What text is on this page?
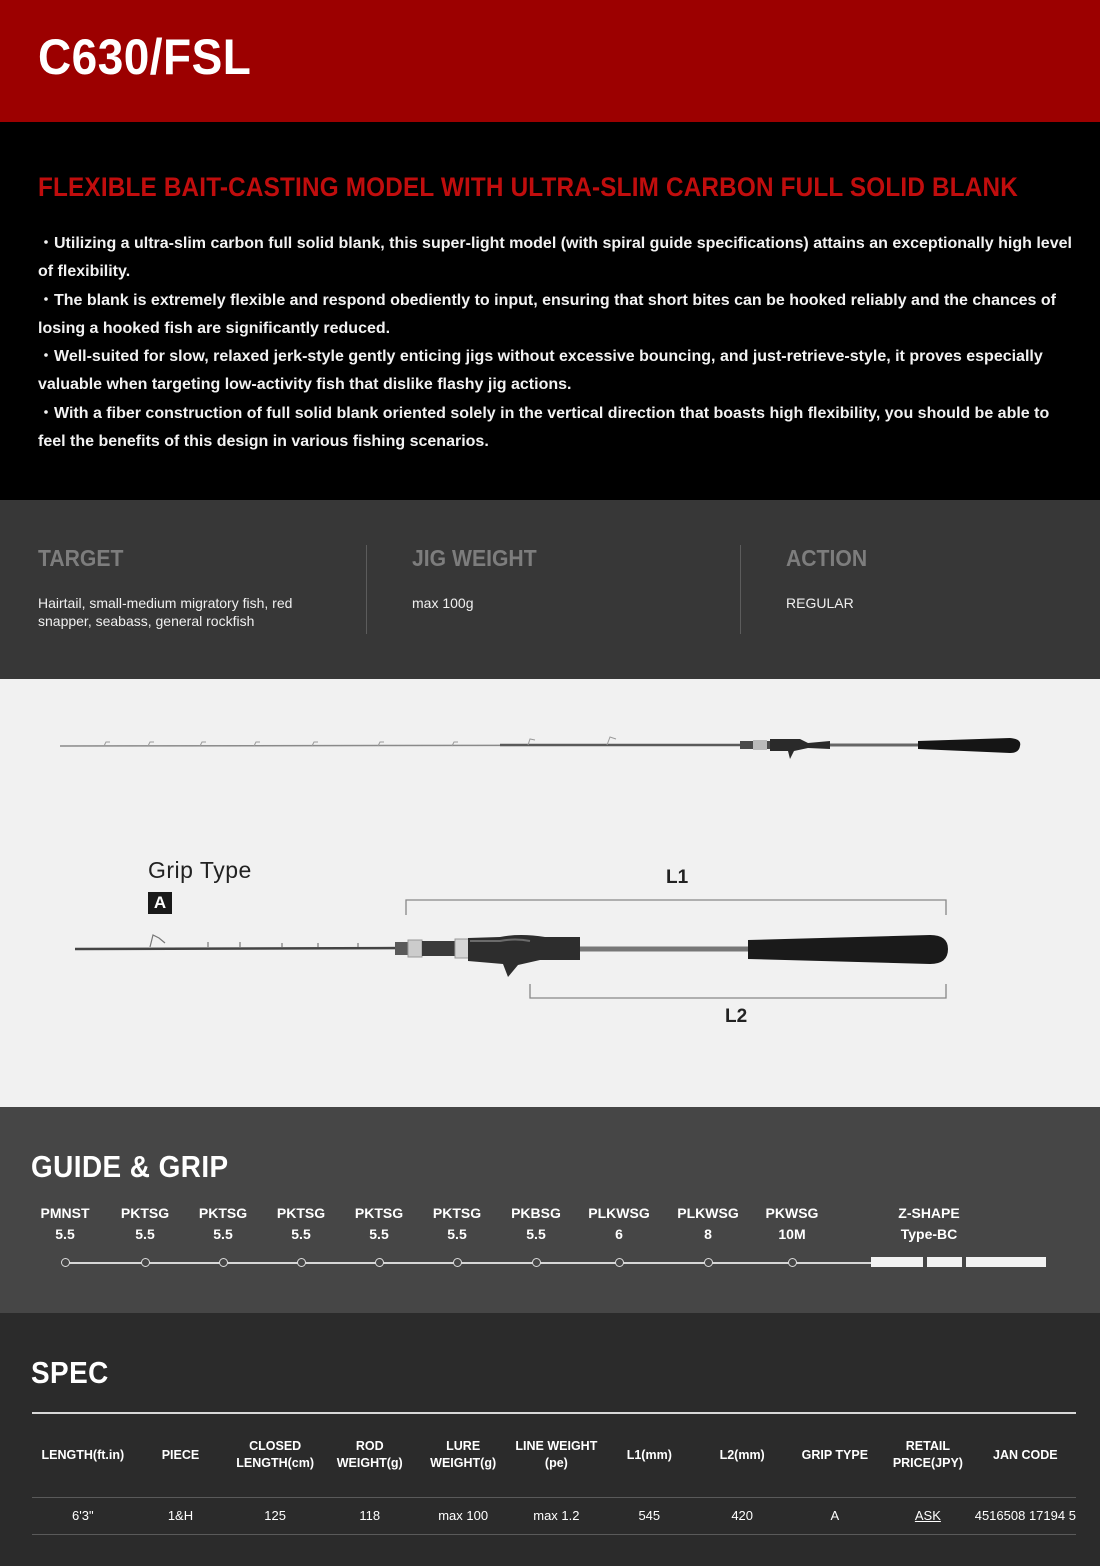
C630/FSL
FLEXIBLE BAIT-CASTING MODEL WITH ULTRA-SLIM CARBON FULL SOLID BLANK
・Utilizing a ultra-slim carbon full solid blank, this super-light model (with spiral guide specifications) attains an exceptionally high level of flexibility.
・The blank is extremely flexible and respond obediently to input, ensuring that short bites can be hooked reliably and the chances of losing a hooked fish are significantly reduced.
・Well-suited for slow, relaxed jerk-style gently enticing jigs without excessive bouncing, and just-retrieve-style, it proves especially valuable when targeting low-activity fish that dislike flashy jig actions.
・With a fiber construction of full solid blank oriented solely in the vertical direction that boasts high flexibility, you should be able to feel the benefits of this design in various fishing scenarios.
TARGET
Hairtail, small-medium migratory fish, red snapper, seabass, general rockfish
JIG WEIGHT
max 100g
ACTION
REGULAR
Grip Type
A
L1
L2
GUIDE & GRIP
PMNST
5.5
PKTSG
5.5
PKTSG
5.5
PKTSG
5.5
PKTSG
5.5
PKTSG
5.5
PKBSG
5.5
PLKWSG
6
PLKWSG
8
PKWSG
10M
Z-SHAPE
Type-BC
SPEC
LENGTH(ft.in)	PIECE	CLOSED LENGTH(cm)	ROD WEIGHT(g)	LURE WEIGHT(g)	LINE WEIGHT (pe)	L1(mm)	L2(mm)	GRIP TYPE	RETAIL PRICE(JPY)	JAN CODE
6'3"	1&H	125	118	max 100	max 1.2	545	420	A	ASK	4516508 17194 5
